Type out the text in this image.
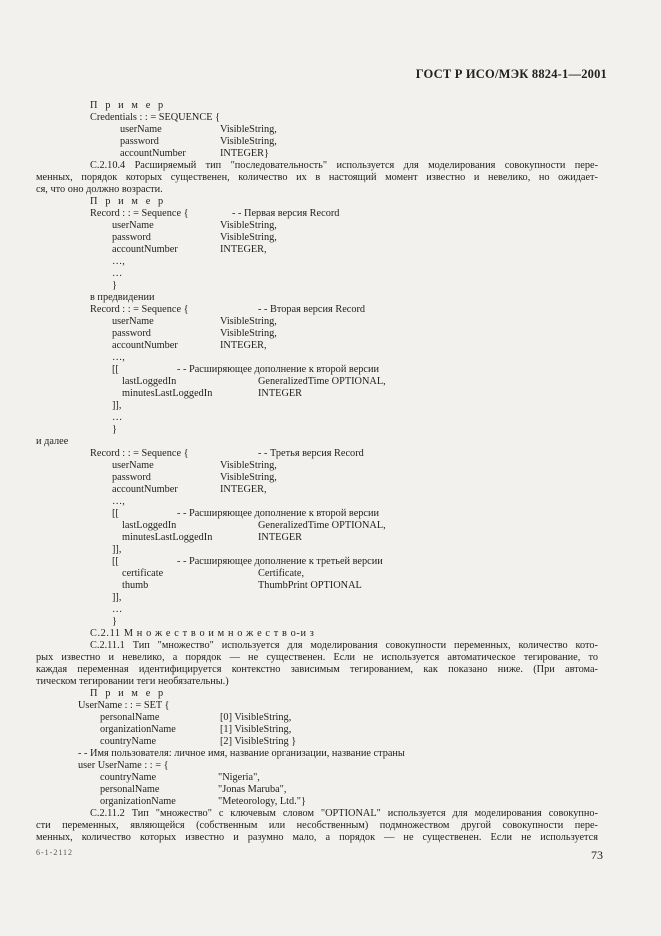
ГОСТ Р ИСО/МЭК 8824-1—2001
П р и м е р
Credentials : : = SEQUENCE {
userName	VisibleString,
password	VisibleString,
accountNumber	INTEGER}
С.2.10.4 Расширяемый тип "последовательность" используется для моделирования совокупности пере-
менных, порядок которых существенен, количество их в настоящий момент известно и невелико, но ожидает-
ся, что оно должно возрасти.
П р и м е р
Record : : = Sequence {	- - Первая версия Record
userName	VisibleString,
password	VisibleString,
accountNumber	INTEGER,
…,
…
}
в предвидении
Record : : = Sequence {	- - Вторая версия Record
userName	VisibleString,
password	VisibleString,
accountNumber	INTEGER,
…,
[[	- - Расширяющее дополнение к второй версии
lastLoggedIn	GeneralizedTime OPTIONAL,
minutesLastLoggedIn	INTEGER
]],
…
}
и далее
Record : : = Sequence {	- - Третья версия Record
userName	VisibleString,
password	VisibleString,
accountNumber	INTEGER,
…,
[[	- - Расширяющее дополнение к второй версии
lastLoggedIn	GeneralizedTime OPTIONAL,
minutesLastLoggedIn	INTEGER
]],
[[	- - Расширяющее дополнение к третьей версии
certificate	Certificate,
thumb	ThumbPrint OPTIONAL
]],
…
}
С.2.11 М н о ж е с т в о и м н о ж е с т в о-и з
С.2.11.1 Тип "множество" используется для моделирования совокупности переменных, количество кото-
рых известно и невелико, а порядок — не существенен. Если не используется автоматическое тегирование, то
каждая переменная идентифицируется контекстно зависимым тегированием, как показано ниже. (При автома-
тическом тегировании теги необязательны.)
П р и м е р
UserName : : = SET {
personalName	[0] VisibleString,
organizationName	[1] VisibleString,
countryName	[2] VisibleString }
- - Имя пользователя: личное имя, название организации, название страны
user UserName : : = {
countryName	"Nigeria",
personalName	"Jonas Maruba",
organizationName	"Meteorology, Ltd."}
С.2.11.2 Тип "множество" с ключевым словом "OPTIONAL" используется для моделирования совокупно-
сти переменных, являющейся (собственным или несобственным) подмножеством другой совокупности пере-
менных, количество которых известно и разумно мало, а порядок — не существенен. Если не используется
6-1-2112	73
